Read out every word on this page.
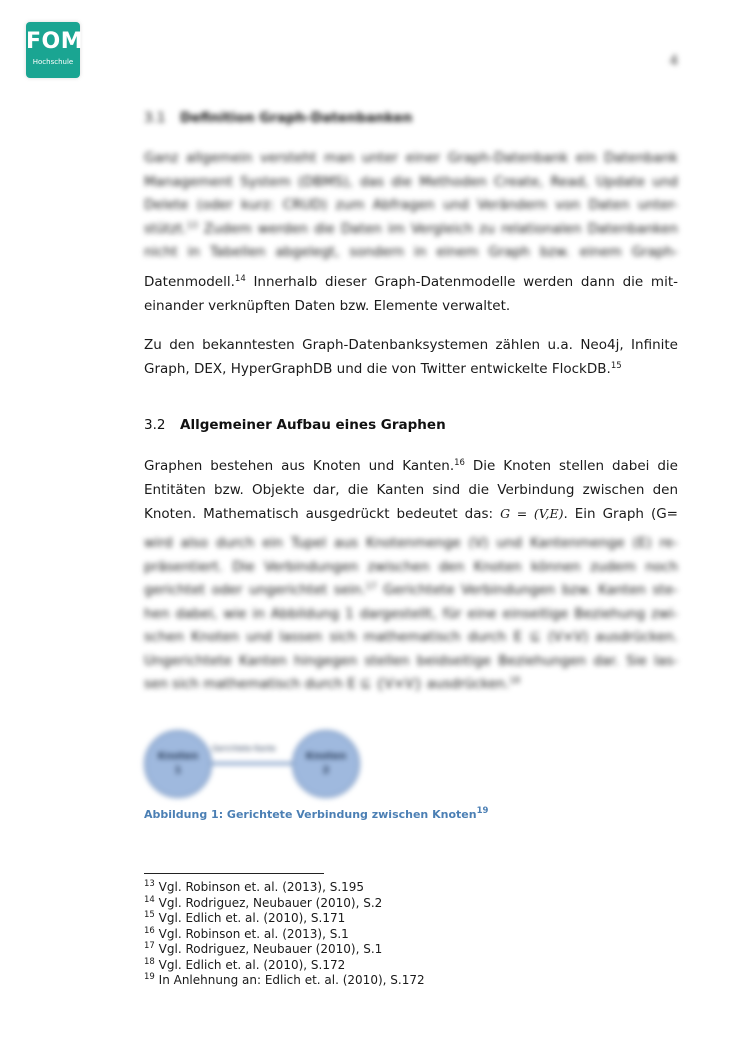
FOM
Hochschule	4
3.1 Definition Graph-Datenbanken
Ganz allgemein versteht man unter einer Graph-Datenbank ein Datenbank
Management System (DBMS), das die Methoden Create, Read, Update und
Delete (oder kurz: CRUD) zum Abfragen und Verändern von Daten unter-
stützt.$^{13}$ Zudem werden die Daten im Vergleich zu relationalen Datenbanken
nicht in Tabellen abgelegt, sondern in einem Graph bzw. einem Graph-
Datenmodell.$^{14}$ Innerhalb dieser Graph-Datenmodelle werden dann die mit-
einander verknüpften Daten bzw. Elemente verwaltet.
Zu den bekanntesten Graph-Datenbanksystemen zählen u.a. Neo4j, Infinite
Graph, DEX, HyperGraphDB und die von Twitter entwickelte FlockDB.$^{15}$
3.2 Allgemeiner Aufbau eines Graphen
Graphen bestehen aus Knoten und Kanten.$^{16}$ Die Knoten stellen dabei die
Entitäten bzw. Objekte dar, die Kanten sind die Verbindung zwischen den
Knoten. Mathematisch ausgedrückt bedeutet das: G = (V,E). Ein Graph (G=
wird also durch ein Tupel aus Knotenmenge (V) und Kantenmenge (E) re-
präsentiert. Die Verbindungen zwischen den Knoten können zudem noch
gerichtet oder ungerichtet sein.$^{17}$ Gerichtete Verbindungen bzw. Kanten ste-
hen dabei, wie in Abbildung 1 dargestellt, für eine einseitige Beziehung zwi-
schen Knoten und lassen sich mathematisch durch E ⊆ (V×V) ausdrücken.
Ungerichtete Kanten hingegen stellen beidseitige Beziehungen dar. Sie las-
sen sich mathematisch durch E ⊆ {V×V} ausdrücken.$^{18}$
Gerichtete Kante
Knoten
1
Knoten
2
Abbildung 1: Gerichtete Verbindung zwischen Knoten$^{19}$
$^{13}$ Vgl. Robinson et. al. (2013), S.195
$^{14}$ Vgl. Rodriguez, Neubauer (2010), S.2
$^{15}$ Vgl. Edlich et. al. (2010), S.171
$^{16}$ Vgl. Robinson et. al. (2013), S.1
$^{17}$ Vgl. Rodriguez, Neubauer (2010), S.1
$^{18}$ Vgl. Edlich et. al. (2010), S.172
$^{19}$ In Anlehnung an: Edlich et. al. (2010), S.172
